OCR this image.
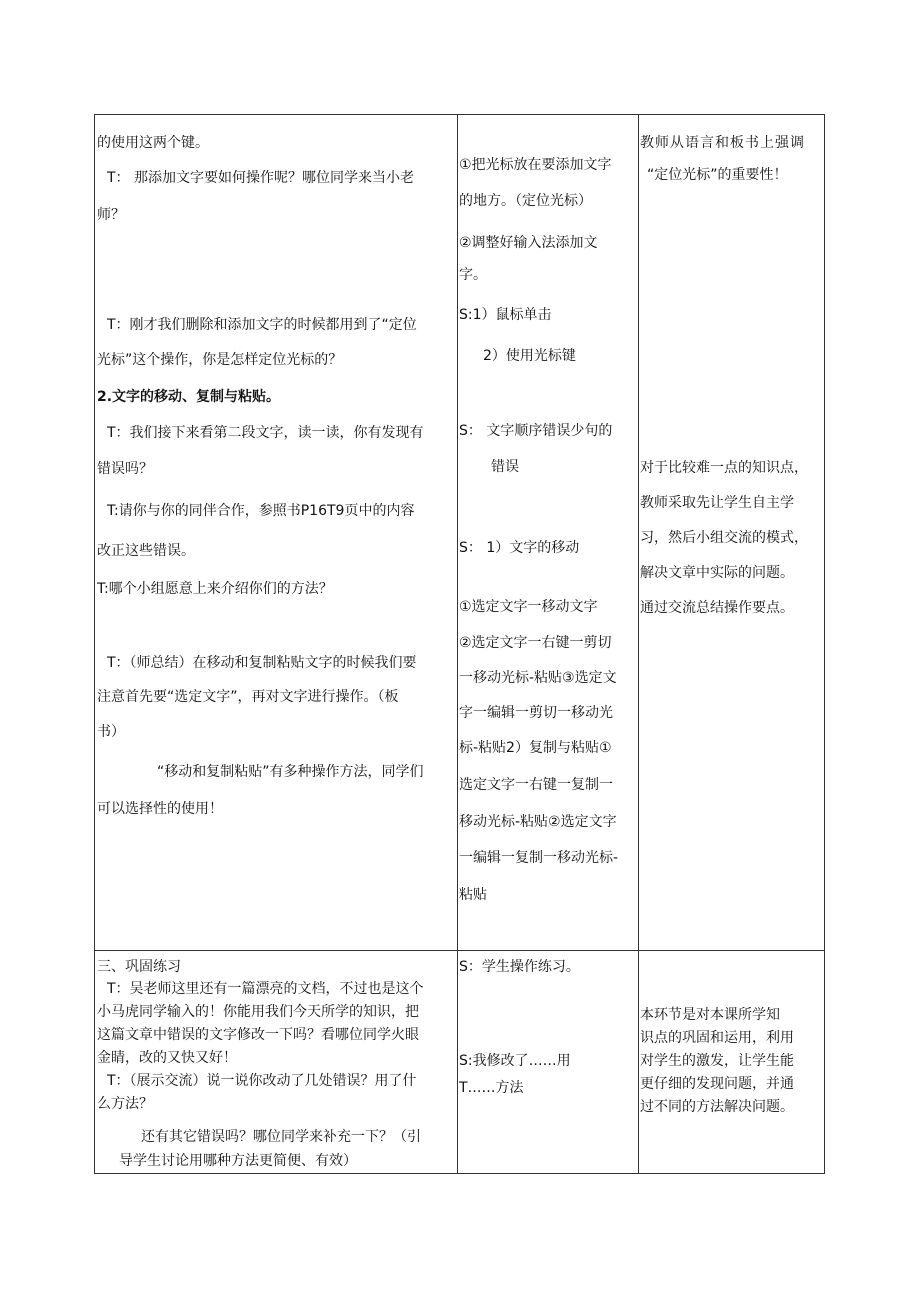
的使用这两个键。
T： 那添加文字要如何操作呢？哪位同学来当小老
师？
T：刚才我们删除和添加文字的时候都用到了“定位
光标”这个操作，你是怎样定位光标的？
2.文字的移动、复制与粘贴。
T：我们接下来看第二段文字，读一读，你有发现有
错误吗？
T:请你与你的同伴合作，参照书P16T9页中的内容
改正这些错误。
T:哪个小组愿意上来介绍你们的方法？
T：（师总结）在移动和复制粘贴文字的时候我们要
注意首先要“选定文字”，再对文字进行操作。（板
书）
“移动和复制粘贴”有多种操作方法，同学们
可以选择性的使用！
①把光标放在要添加文字
的地方。（定位光标）
②调整好输入法添加文
字。
S:1）鼠标单击
2）使用光标键
S： 文字顺序错误少句的
错误
S： 1）文字的移动
①选定文字一移动文字
②选定文字一右键一剪切
一移动光标-粘贴③选定文
字一编辑一剪切一移动光
标-粘贴2）复制与粘贴①
选定文字一右键一复制一
移动光标-粘贴②选定文字
一编辑一复制一移动光标-
粘贴
教师从语言和板书上强调
“定位光标”的重要性！
对于比较难一点的知识点，
教师采取先让学生自主学
习，然后小组交流的模式，
解决文章中实际的问题。
通过交流总结操作要点。
三、巩固练习
T：吴老师这里还有一篇漂亮的文档，不过也是这个
小马虎同学输入的！你能用我们今天所学的知识，把
这篇文章中错误的文字修改一下吗？看哪位同学火眼
金睛，改的又快又好！
T：（展示交流）说一说你改动了几处错误？用了什
么方法？
还有其它错误吗？哪位同学来补充一下？（引
导学生讨论用哪种方法更简便、有效）
S：学生操作练习。
S:我修改了……用
T……方法
本环节是对本课所学知
识点的巩固和运用，利用
对学生的激发，让学生能
更仔细的发现问题，并通
过不同的方法解决问题。
